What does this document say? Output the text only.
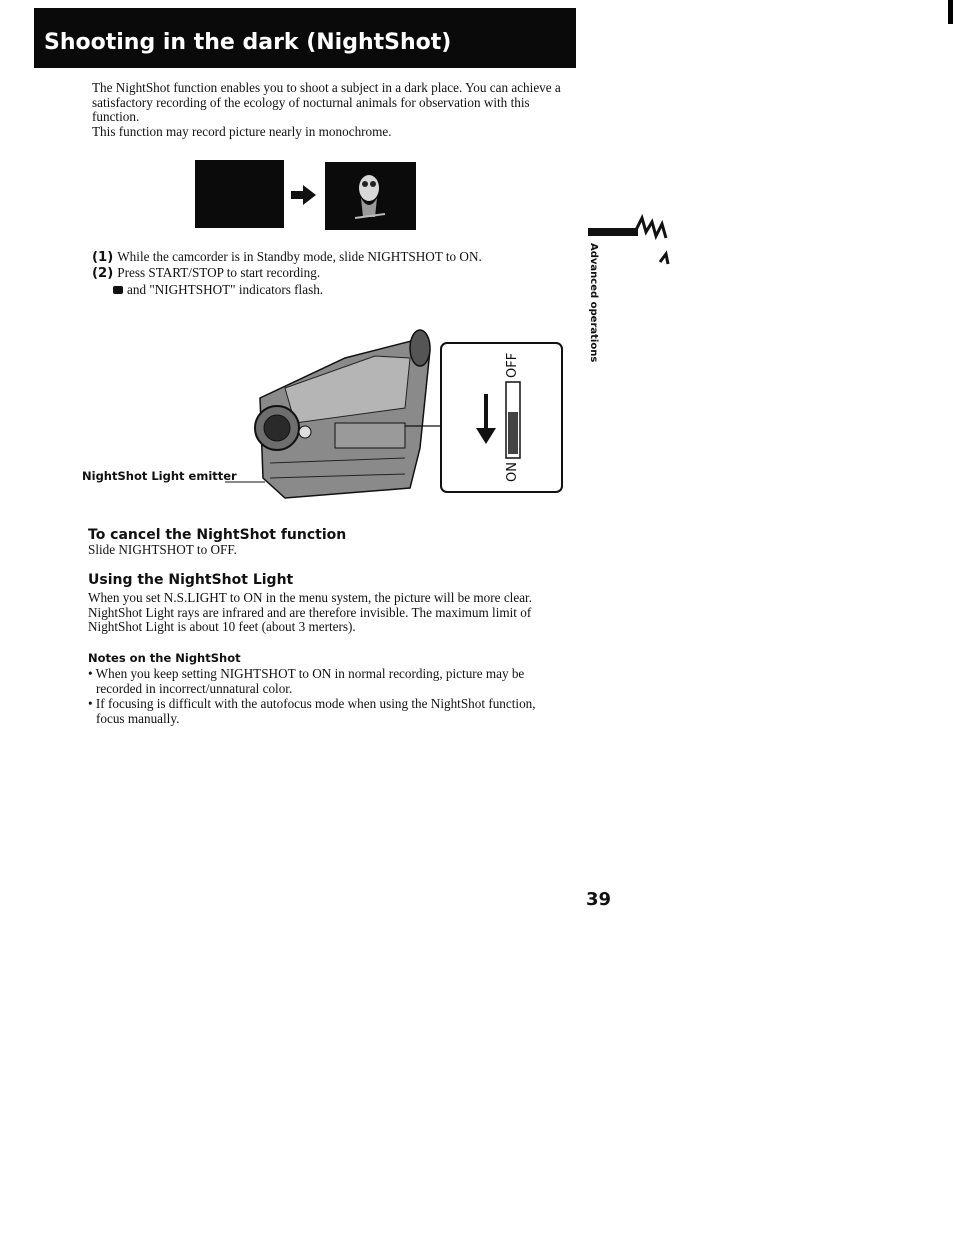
Shooting in the dark (NightShot)

The NightShot function enables you to shoot a subject in a dark place. You can achieve a satisfactory recording of the ecology of nocturnal animals for observation with this function.

This function may record picture nearly in monochrome.

(1) While the camcorder is in Standby mode, slide NIGHTSHOT to ON.
(2) Press START/STOP to start recording.
and "NIGHTSHOT" indicators flash.
OFF
ON
NightShot Light emitter
To cancel the NightShot function
Slide NIGHTSHOT to OFF.
Using the NightShot Light
When you set N.S.LIGHT to ON in the menu system, the picture will be more clear. NightShot Light rays are infrared and are therefore invisible. The maximum limit of NightShot Light is about 10 feet (about 3 merters).
Notes on the NightShot

• When you keep setting NIGHTSHOT to ON in normal recording, picture may be recorded in incorrect/unnatural color.

• If focusing is difficult with the autofocus mode when using the NightShot function, focus manually.

Advanced operations
39
